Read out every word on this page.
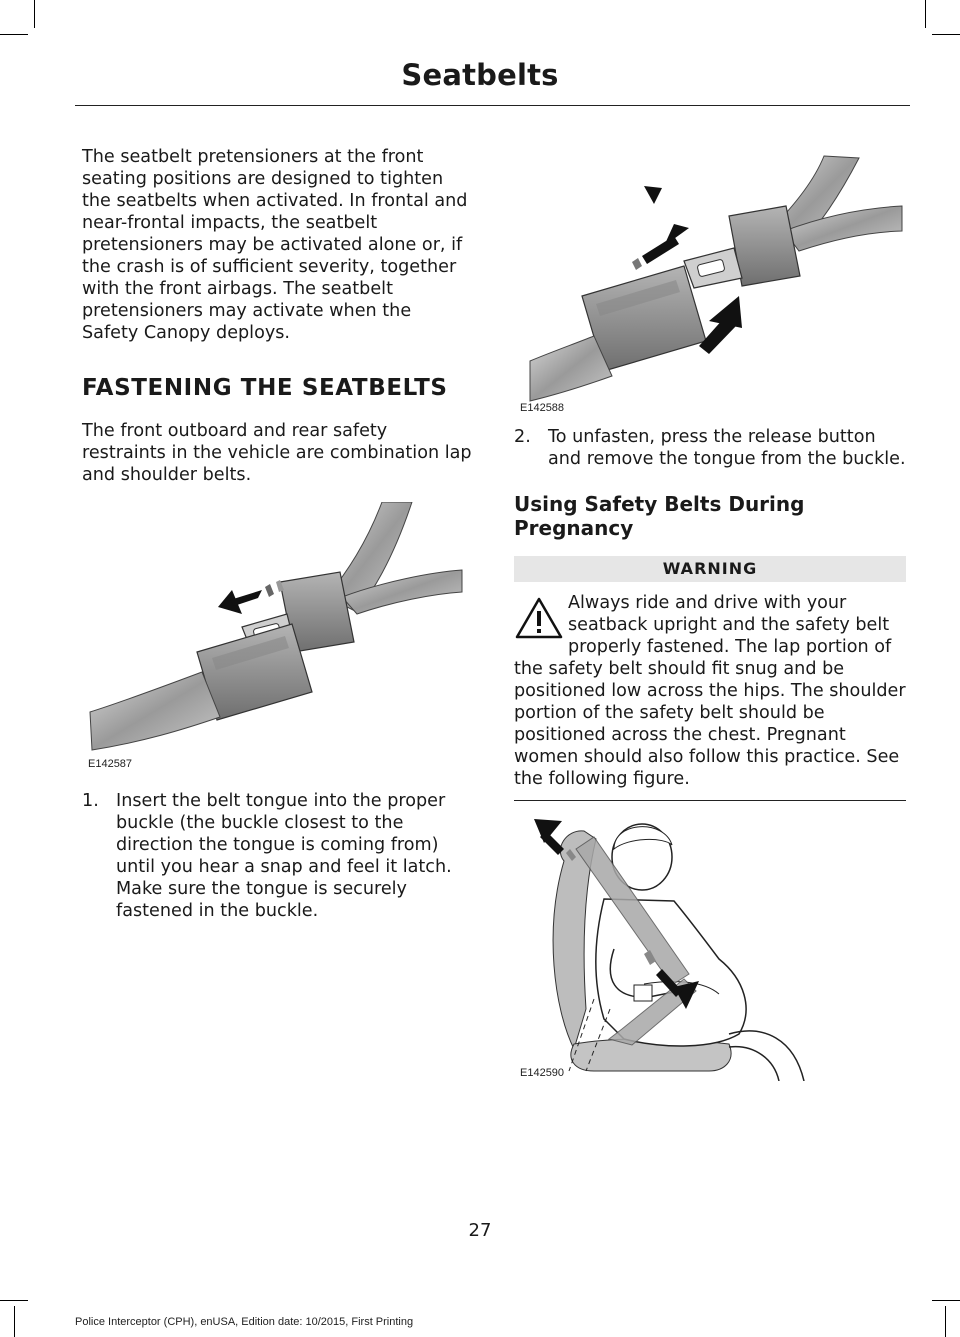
Seatbelts

The seatbelt pretensioners at the front seating positions are designed to tighten the seatbelts when activated. In frontal and near-frontal impacts, the seatbelt pretensioners may be activated alone or, if the crash is of sufficient severity, together with the front airbags. The seatbelt pretensioners may activate when the Safety Canopy deploys.

FASTENING THE SEATBELTS

The front outboard and rear safety restraints in the vehicle are combination lap and shoulder belts.

E142587
1. Insert the belt tongue into the proper buckle (the buckle closest to the direction the tongue is coming from) until you hear a snap and feel it latch. Make sure the tongue is securely fastened in the buckle.
E142588
2. To unfasten, press the release button and remove the tongue from the buckle.
Using Safety Belts During Pregnancy
WARNING
Always ride and drive with your seatback upright and the safety belt properly fastened. The lap portion of the safety belt should fit snug and be positioned low across the hips. The shoulder portion of the safety belt should be positioned across the chest. Pregnant women should also follow this practice. See the following figure.
E142590
27
Police Interceptor (CPH), enUSA, Edition date: 10/2015, First Printing
